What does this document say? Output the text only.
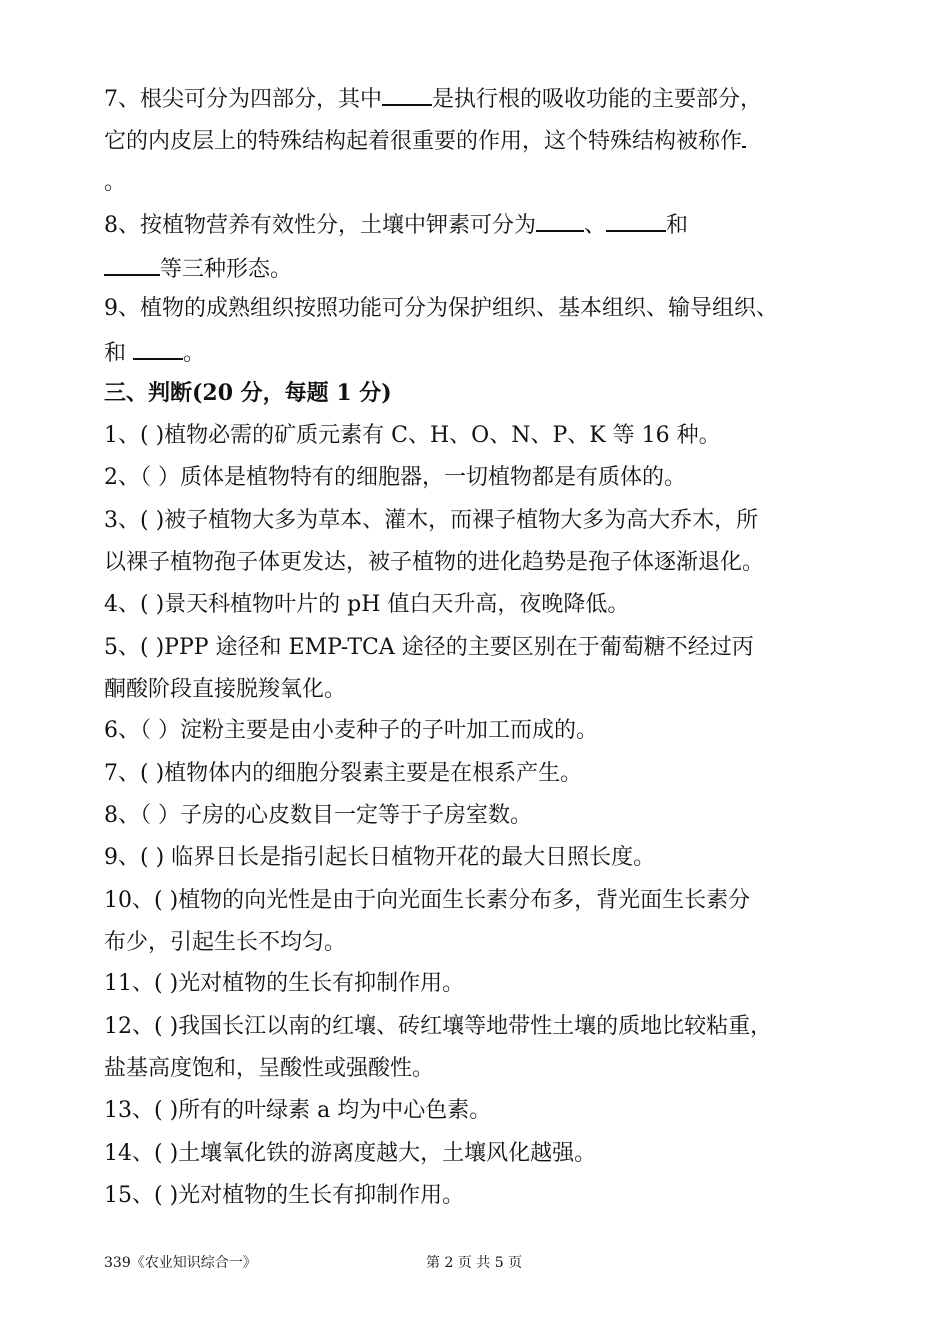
7、根尖可分为四部分，其中 是执行根的吸收功能的主要部分，
它的内皮层上的特殊结构起着很重要的作用，这个特殊结构被称作
。
8、按植物营养有效性分，土壤中钾素可分为 、	和
等三种形态。
9、植物的成熟组织按照功能可分为保护组织、基本组织、输导组织、
和	。
三、判断(20 分，每题 1 分)
1、( )植物必需的矿质元素有 C、H、O、N、P、K 等 16 种。
2、（ ）质体是植物特有的细胞器，一切植物都是有质体的。
3、( )被子植物大多为草本、灌木，而裸子植物大多为高大乔木，所
以裸子植物孢子体更发达，被子植物的进化趋势是孢子体逐渐退化。
4、( )景天科植物叶片的 pH 值白天升高，夜晚降低。
5、( )PPP 途径和 EMP-TCA 途径的主要区别在于葡萄糖不经过丙
酮酸阶段直接脱羧氧化。
6、（ ）淀粉主要是由小麦种子的子叶加工而成的。
7、( )植物体内的细胞分裂素主要是在根系产生。
8、（ ）子房的心皮数目一定等于子房室数。
9、( ) 临界日长是指引起长日植物开花的最大日照长度。
10、( )植物的向光性是由于向光面生长素分布多，背光面生长素分
布少，引起生长不均匀。
11、( )光对植物的生长有抑制作用。
12、( )我国长江以南的红壤、砖红壤等地带性土壤的质地比较粘重，
盐基高度饱和，呈酸性或强酸性。
13、( )所有的叶绿素 a 均为中心色素。
14、( )土壤氧化铁的游离度越大，土壤风化越强。
15、( )光对植物的生长有抑制作用。
339《农业知识综合一》	第 2 页 共 5 页
